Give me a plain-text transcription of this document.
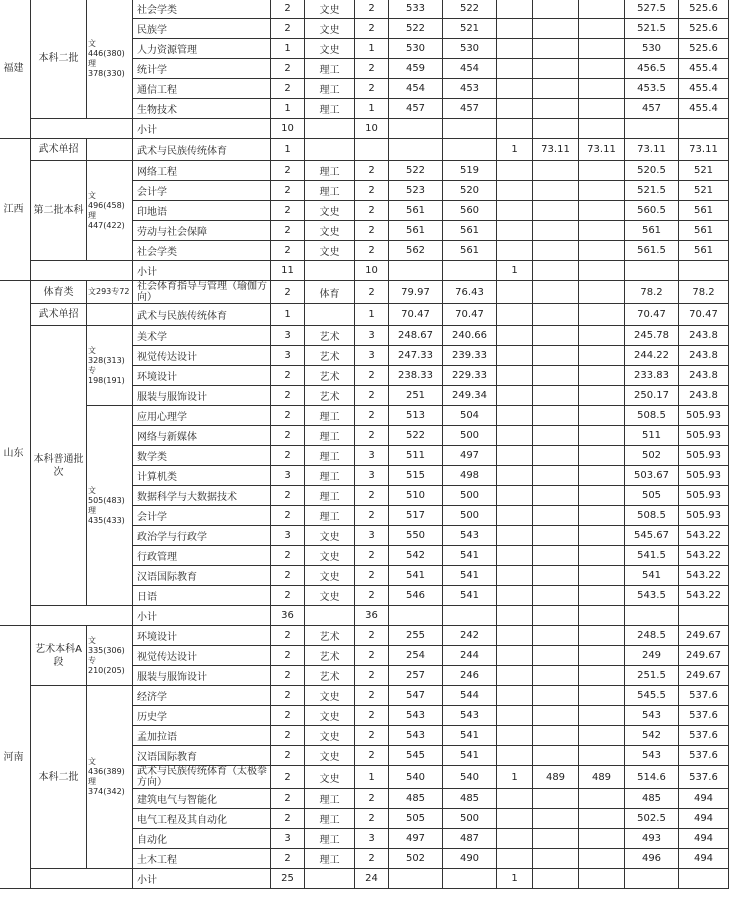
福建	本科二批	文446(380) 理378(330)	社会学类	2	文史	2	533	522				527.5	525.6
			民族学	2	文史	2	522	521				521.5	525.6
			人力资源管理	1	文史	1	530	530				530	525.6
			统计学	2	理工	2	459	454				456.5	455.4
			通信工程	2	理工	2	454	453				453.5	455.4
			生物技术	1	理工	1	457	457				457	455.4
			小计	10		10							
江西	武术单招		武术与民族传统体育	1					1	73.11	73.11	73.11	73.11
	第二批本科	文496(458) 理447(422)	网络工程	2	理工	2	522	519				520.5	521
			会计学	2	理工	2	523	520				521.5	521
			印地语	2	文史	2	561	560				560.5	561
			劳动与社会保障	2	文史	2	561	561				561	561
			社会学类	2	文史	2	562	561				561.5	561
			小计	11		10			1				
山东	体育类	文293专72	社会体育指导与管理（瑜伽方向）	2	体育	2	79.97	76.43				78.2	78.2
	武术单招		武术与民族传统体育	1		1	70.47	70.47				70.47	70.47
	本科普通批次	文328(313) 专198(191)	美术学	3	艺术	3	248.67	240.66				245.78	243.8
			视觉传达设计	3	艺术	3	247.33	239.33				244.22	243.8
			环境设计	2	艺术	2	238.33	229.33				233.83	243.8
			服装与服饰设计	2	艺术	2	251	249.34				250.17	243.8
		文505(483) 理435(433)	应用心理学	2	理工	2	513	504				508.5	505.93
			网络与新媒体	2	理工	2	522	500				511	505.93
			数学类	2	理工	3	511	497				502	505.93
			计算机类	3	理工	3	515	498				503.67	505.93
			数据科学与大数据技术	2	理工	2	510	500				505	505.93
			会计学	2	理工	2	517	500				508.5	505.93
			政治学与行政学	3	文史	3	550	543				545.67	543.22
			行政管理	2	文史	2	542	541				541.5	543.22
			汉语国际教育	2	文史	2	541	541				541	543.22
			日语	2	文史	2	546	541				543.5	543.22
			小计	36		36							
河南	艺术本科A段	文335(306) 专210(205)	环境设计	2	艺术	2	255	242				248.5	249.67
			视觉传达设计	2	艺术	2	254	244				249	249.67
			服装与服饰设计	2	艺术	2	257	246				251.5	249.67
	本科二批	文436(389) 理374(342)	经济学	2	文史	2	547	544				545.5	537.6
			历史学	2	文史	2	543	543				543	537.6
			孟加拉语	2	文史	2	543	541				542	537.6
			汉语国际教育	2	文史	2	545	541				543	537.6
			武术与民族传统体育（太极拳方向）	2	文史	1	540	540	1	489	489	514.6	537.6
			建筑电气与智能化	2	理工	2	485	485				485	494
			电气工程及其自动化	2	理工	2	505	500				502.5	494
			自动化	3	理工	3	497	487				493	494
			土木工程	2	理工	2	502	490				496	494
			小计	25		24			1				
